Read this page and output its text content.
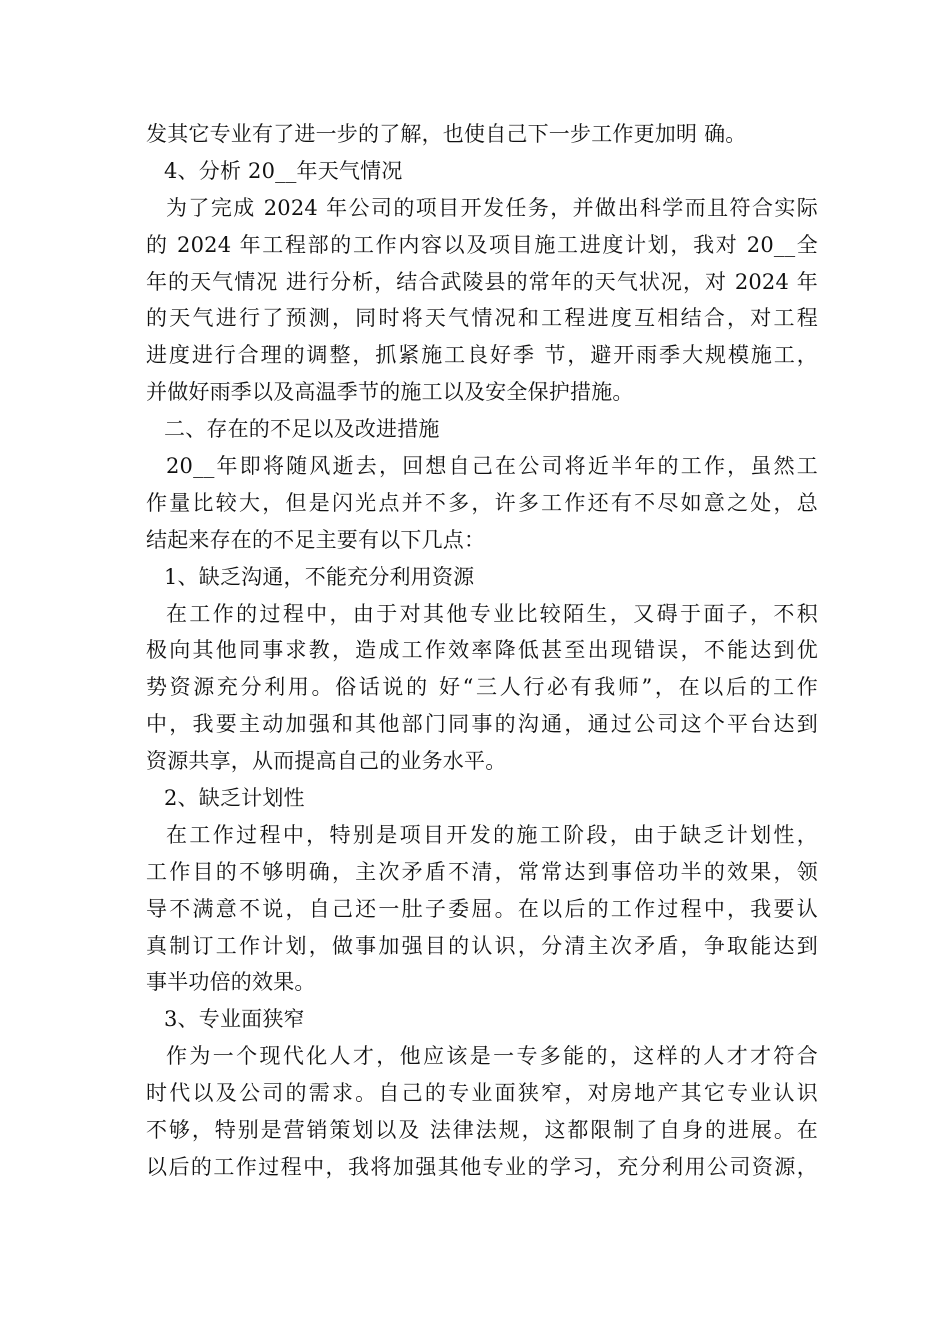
发其它专业有了进一步的了解，也使自己下一步工作更加明 确。
4、分析 20__年天气情况
为了完成 2024 年公司的项目开发任务，并做出科学而且符合实际
的 2024 年工程部的工作内容以及项目施工进度计划，我对 20__全
年的天气情况 进行分析，结合武陵县的常年的天气状况，对 2024 年
的天气进行了预测，同时将天气情况和工程进度互相结合，对工程
进度进行合理的调整，抓紧施工良好季 节，避开雨季大规模施工，
并做好雨季以及高温季节的施工以及安全保护措施。
二、存在的不足以及改进措施
20__年即将随风逝去，回想自己在公司将近半年的工作，虽然工
作量比较大，但是闪光点并不多，许多工作还有不尽如意之处，总
结起来存在的不足主要有以下几点：
1、缺乏沟通，不能充分利用资源
在工作的过程中，由于对其他专业比较陌生，又碍于面子，不积
极向其他同事求教，造成工作效率降低甚至出现错误，不能达到优
势资源充分利用。俗话说的 好“三人行必有我师”，在以后的工作
中，我要主动加强和其他部门同事的沟通，通过公司这个平台达到
资源共享，从而提高自己的业务水平。
2、缺乏计划性
在工作过程中，特别是项目开发的施工阶段，由于缺乏计划性，
工作目的不够明确，主次矛盾不清，常常达到事倍功半的效果，领
导不满意不说，自己还一肚子委屈。在以后的工作过程中，我要认
真制订工作计划，做事加强目的认识，分清主次矛盾，争取能达到
事半功倍的效果。
3、专业面狭窄
作为一个现代化人才，他应该是一专多能的，这样的人才才符合
时代以及公司的需求。自己的专业面狭窄，对房地产其它专业认识
不够，特别是营销策划以及 法律法规，这都限制了自身的进展。在
以后的工作过程中，我将加强其他专业的学习，充分利用公司资源，
